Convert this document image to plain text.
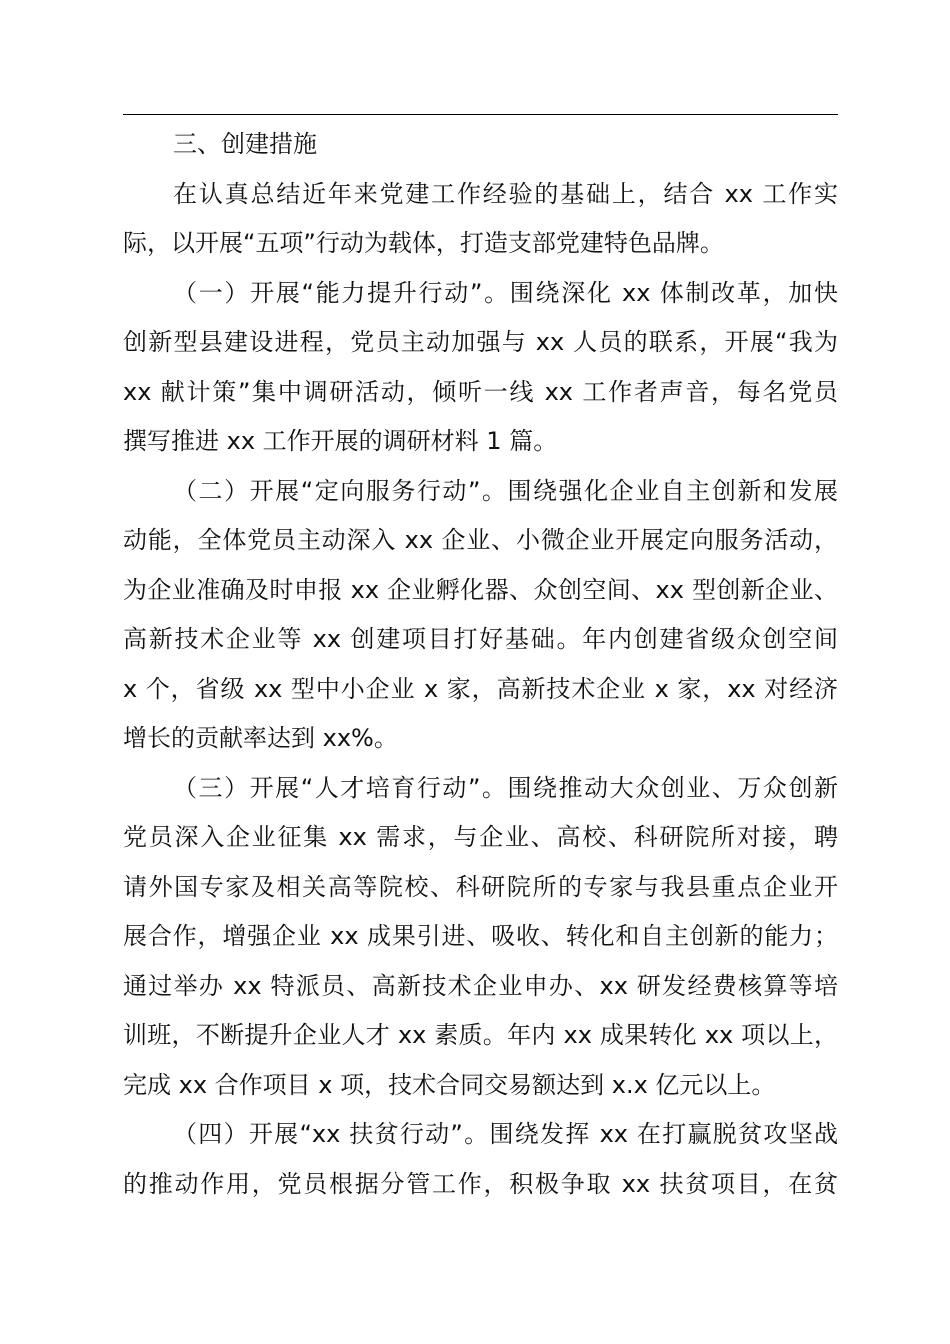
三、创建措施
在认真总结近年来党建工作经验的基础上，结合 xx 工作实
际，以开展“五项”行动为载体，打造支部党建特色品牌。
（一）开展“能力提升行动”。围绕深化 xx 体制改革，加快
创新型县建设进程，党员主动加强与 xx 人员的联系，开展“我为
xx 献计策”集中调研活动，倾听一线 xx 工作者声音，每名党员
撰写推进 xx 工作开展的调研材料 1 篇。
（二）开展“定向服务行动”。围绕强化企业自主创新和发展
动能，全体党员主动深入 xx 企业、小微企业开展定向服务活动，
为企业准确及时申报 xx 企业孵化器、众创空间、xx 型创新企业、
高新技术企业等 xx 创建项目打好基础。年内创建省级众创空间
x 个，省级 xx 型中小企业 x 家，高新技术企业 x 家，xx 对经济
增长的贡献率达到 xx%。
（三）开展“人才培育行动”。围绕推动大众创业、万众创新
党员深入企业征集 xx 需求，与企业、高校、科研院所对接，聘
请外国专家及相关高等院校、科研院所的专家与我县重点企业开
展合作，增强企业 xx 成果引进、吸收、转化和自主创新的能力；
通过举办 xx 特派员、高新技术企业申办、xx 研发经费核算等培
训班，不断提升企业人才 xx 素质。年内 xx 成果转化 xx 项以上，
完成 xx 合作项目 x 项，技术合同交易额达到 x.x 亿元以上。
（四）开展“xx 扶贫行动”。围绕发挥 xx 在打赢脱贫攻坚战
的推动作用，党员根据分管工作，积极争取 xx 扶贫项目，在贫
